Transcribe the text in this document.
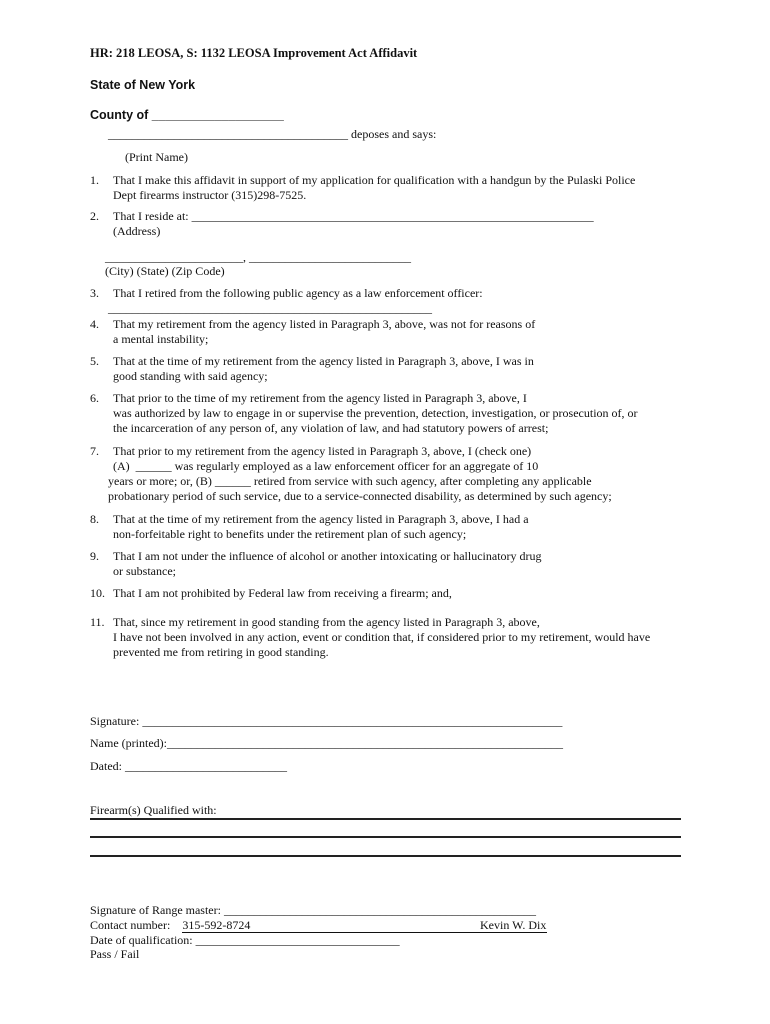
HR: 218 LEOSA, S: 1132 LEOSA Improvement Act Affidavit
State of New York
County of ___________________
________________________________________ deposes and says:
(Print Name)
1. That I make this affidavit in support of my application for qualification with a handgun by the Pulaski Police
Dept firearms instructor (315)298-7525.
2. That I reside at: ___________________________________________________________________
(Address)
_______________________, ___________________________
(City) (State) (Zip Code)
3. That I retired from the following public agency as a law enforcement officer:
______________________________________________________
4. That my retirement from the agency listed in Paragraph 3, above, was not for reasons of
a mental instability;
5. That at the time of my retirement from the agency listed in Paragraph 3, above, I was in
good standing with said agency;
6. That prior to the time of my retirement from the agency listed in Paragraph 3, above, I
was authorized by law to engage in or supervise the prevention, detection, investigation, or prosecution of, or
the incarceration of any person of, any violation of law, and had statutory powers of arrest;
7. That prior to my retirement from the agency listed in Paragraph 3, above, I (check one)
(A)  ______ was regularly employed as a law enforcement officer for an aggregate of 10
years or more; or, (B) ______ retired from service with such agency, after completing any applicable
probationary period of such service, due to a service-connected disability, as determined by such agency;
8. That at the time of my retirement from the agency listed in Paragraph 3, above, I had a
non-forfeitable right to benefits under the retirement plan of such agency;
9. That I am not under the influence of alcohol or another intoxicating or hallucinatory drug
or substance;
10. That I am not prohibited by Federal law from receiving a firearm; and,
11. That, since my retirement in good standing from the agency listed in Paragraph 3, above,
I have not been involved in any action, event or condition that, if considered prior to my retirement, would have
prevented me from retiring in good standing.
Signature: ______________________________________________________________________
Name (printed):__________________________________________________________________
Dated: ___________________________
Firearm(s) Qualified with:
Signature of Range master: ____________________________________________________
Contact number: 315-592-8724	Kevin W. Dix
Date of qualification: __________________________________
Pass / Fail
